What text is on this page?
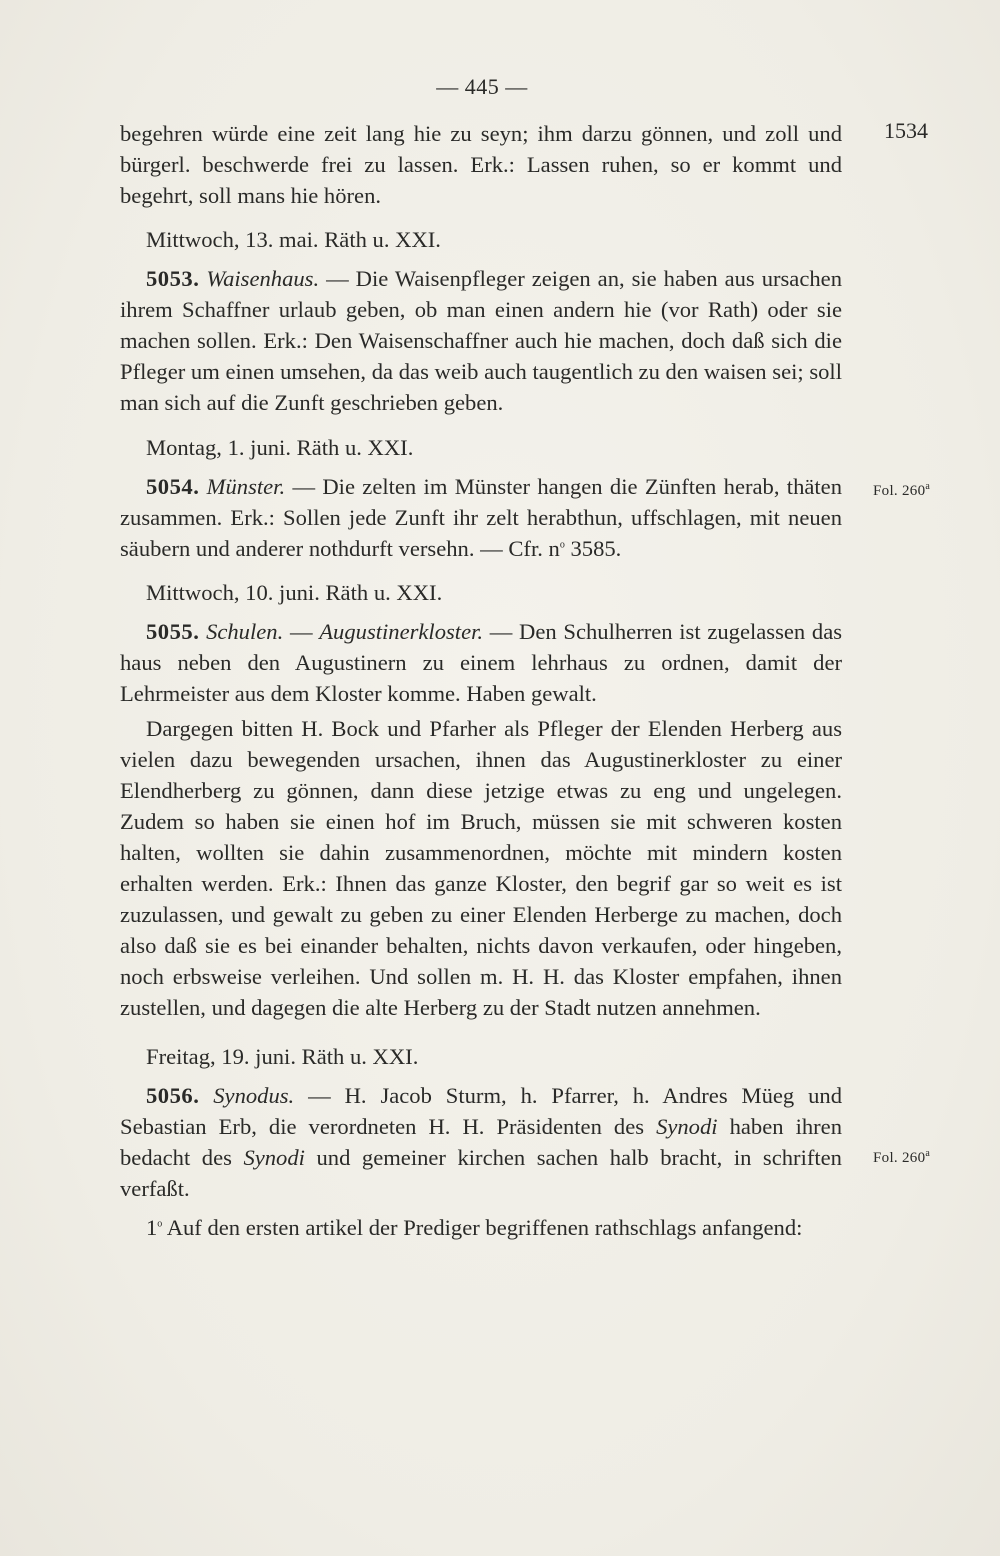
— 445 —
1534
Fol. 260$^a$
Fol. 260$^a$

begehren würde eine zeit lang hie zu seyn; ihm darzu gönnen, und zoll und bürgerl. beschwerde frei zu lassen. Erk.: Lassen ruhen, so er kommt und begehrt, soll mans hie hören.

Mittwoch, 13. mai. Räth u. XXI.

5053. Waisenhaus. — Die Waisenpfleger zeigen an, sie haben aus ursachen ihrem Schaffner urlaub geben, ob man einen andern hie (vor Rath) oder sie machen sollen. Erk.: Den Waisenschaffner auch hie machen, doch daß sich die Pfleger um einen umsehen, da das weib auch taugentlich zu den waisen sei; soll man sich auf die Zunft geschrieben geben.

Montag, 1. juni. Räth u. XXI.

5054. Münster. — Die zelten im Münster hangen die Zünften herab, thäten zusammen. Erk.: Sollen jede Zunft ihr zelt herabthun, uffschlagen, mit neuen säubern und anderer nothdurft versehn. — Cfr. $n^o$ 3585.

Mittwoch, 10. juni. Räth u. XXI.

5055. Schulen. — Augustinerkloster. — Den Schulherren ist zugelassen das haus neben den Augustinern zu einem lehrhaus zu ordnen, damit der Lehrmeister aus dem Kloster komme. Haben gewalt.

Dargegen bitten H. Bock und Pfarher als Pfleger der Elenden Herberg aus vielen dazu bewegenden ursachen, ihnen das Augustinerkloster zu einer Elendherberg zu gönnen, dann diese jetzige etwas zu eng und ungelegen. Zudem so haben sie einen hof im Bruch, müssen sie mit schweren kosten halten, wollten sie dahin zusammenordnen, möchte mit mindern kosten erhalten werden. Erk.: Ihnen das ganze Kloster, den begrif gar so weit es ist zuzulassen, und gewalt zu geben zu einer Elenden Herberge zu machen, doch also daß sie es bei einander behalten, nichts davon verkaufen, oder hingeben, noch erbsweise verleihen. Und sollen m. H. H. das Kloster empfahen, ihnen zustellen, und dagegen die alte Herberg zu der Stadt nutzen annehmen.

Freitag, 19. juni. Räth u. XXI.

5056. Synodus. — H. Jacob Sturm, h. Pfarrer, h. Andres Müeg und Sebastian Erb, die verordneten H. H. Präsidenten des Synodi haben ihren bedacht des Synodi und gemeiner kirchen sachen halb bracht, in schriften verfaßt.

1$^o$ Auf den ersten artikel der Prediger begriffenen rathschlags anfangend:
